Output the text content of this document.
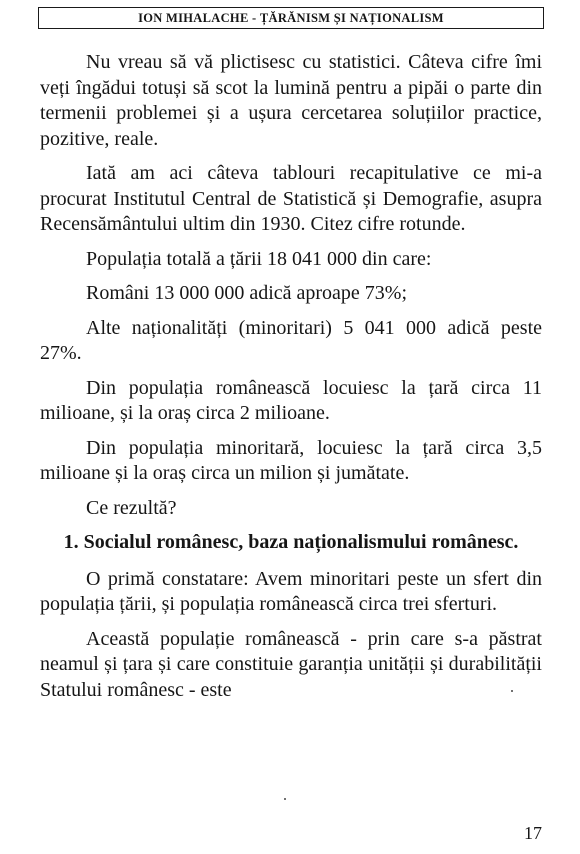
ION MIHALACHE - ȚĂRĂNISM ȘI NAȚIONALISM

Nu vreau să vă plictisesc cu statistici. Câteva cifre îmi veți îngădui totuși să scot la lumină pentru a pipăi o parte din termenii problemei și a ușura cercetarea soluțiilor practice, pozitive, reale.

Iată am aci câteva tablouri recapitulative ce mi-a procurat Institutul Central de Statistică și Demografie, asupra Recensământului ultim din 1930. Citez cifre rotunde.

Populația totală a țării 18 041 000 din care:

Români 13 000 000 adică aproape 73%;

Alte naționalități (minoritari) 5 041 000 adică peste 27%.

Din populația românească locuiesc la țară circa 11 milioane, și la oraș circa 2 milioane.

Din populația minoritară, locuiesc la țară circa 3,5 milioane și la oraș circa un milion și jumătate.

Ce rezultă?

1. Socialul românesc, baza naționalismului românesc.

O primă constatare: Avem minoritari peste un sfert din populația țării, și populația românească circa trei sferturi.

Această populație românească - prin care s-a păstrat neamul și țara și care constituie garanția unității și durabilității Statului românesc - este

17
